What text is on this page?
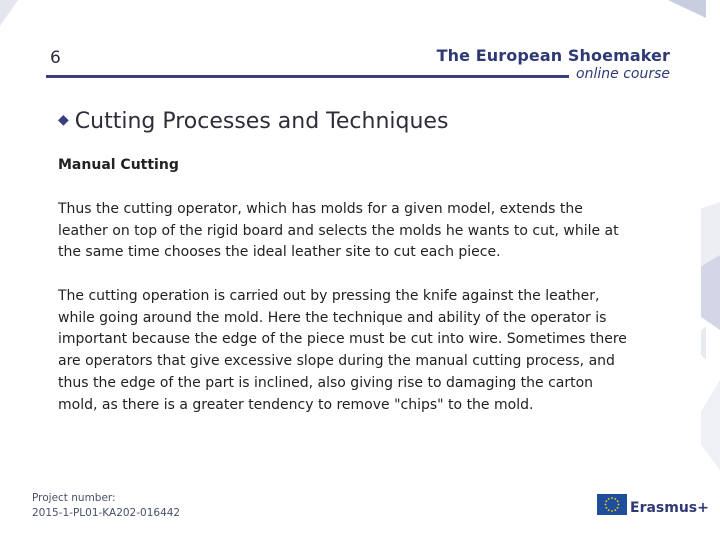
6	The European Shoemaker
online course
◆ Cutting Processes and Techniques
Manual Cutting

Thus the cutting operator, which has molds for a given model, extends the leather on top of the rigid board and selects the molds he wants to cut, while at the same time chooses the ideal leather site to cut each piece.

The cutting operation is carried out by pressing the knife against the leather, while going around the mold. Here the technique and ability of the operator is important because the edge of the piece must be cut into wire. Sometimes there are operators that give excessive slope during the manual cutting process, and thus the edge of the part is inclined, also giving rise to damaging the carton mold, as there is a greater tendency to remove "chips" to the mold.

Project number:
2015-1-PL01-KA202-016442	Erasmus+
